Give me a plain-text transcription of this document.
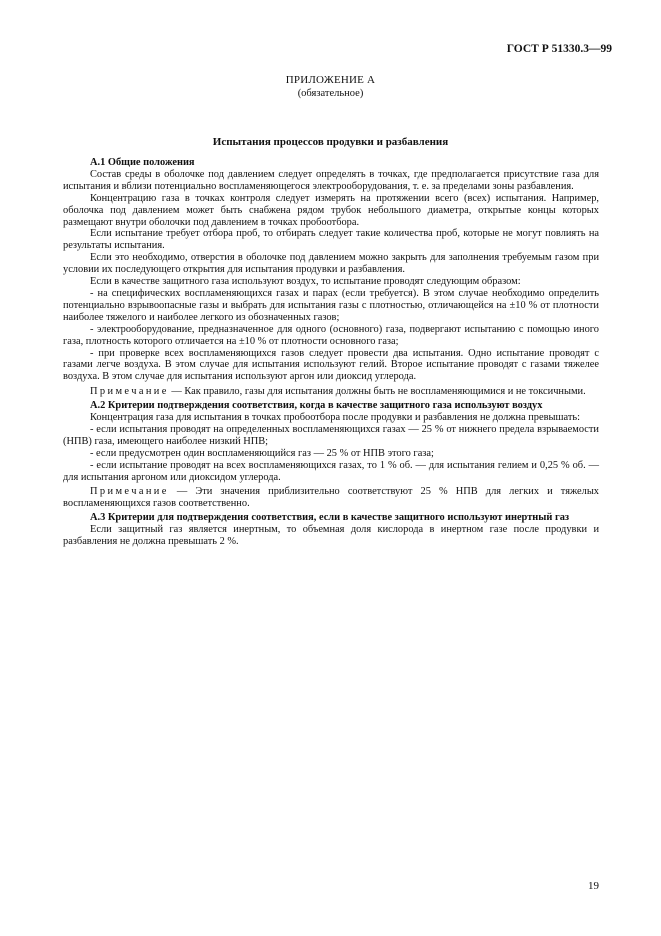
ГОСТ Р 51330.3—99
ПРИЛОЖЕНИЕ А
(обязательное)
Испытания процессов продувки и разбавления
А.1 Общие положения

Состав среды в оболочке под давлением следует определять в точках, где предполагается присутствие газа для испытания и вблизи потенциально воспламеняющегося электрооборудования, т. е. за пределами зоны разбавления.

Концентрацию газа в точках контроля следует измерять на протяжении всего (всех) испытания. Например, оболочка под давлением может быть снабжена рядом трубок небольшого диаметра, открытые концы которых размещают внутри оболочки под давлением в точках пробоотбора.

Если испытание требует отбора проб, то отбирать следует такие количества проб, которые не могут повлиять на результаты испытания.

Если это необходимо, отверстия в оболочке под давлением можно закрыть для заполнения требуемым газом при условии их последующего открытия для испытания продувки и разбавления.

Если в качестве защитного газа используют воздух, то испытание проводят следующим образом:

- на специфических воспламеняющихся газах и парах (если требуется). В этом случае необходимо определить потенциально взрывоопасные газы и выбрать для испытания газы с плотностью, отличающейся на ±10 % от плотности наиболее тяжелого и наиболее легкого из обозначенных газов;

- электрооборудование, предназначенное для одного (основного) газа, подвергают испытанию с помощью иного газа, плотность которого отличается на ±10 % от плотности основного газа;

- при проверке всех воспламеняющихся газов следует провести два испытания. Одно испытание проводят с газами легче воздуха. В этом случае для испытания используют гелий. Второе испытание проводят с газами тяжелее воздуха. В этом случае для испытания используют аргон или диоксид углерода.

Примечание — Как правило, газы для испытания должны быть не воспламеняющимися и не токсичными.

А.2 Критерии подтверждения соответствия, когда в качестве защитного газа используют воздух

Концентрация газа для испытания в точках пробоотбора после продувки и разбавления не должна превышать:

- если испытания проводят на определенных воспламеняющихся газах — 25 % от нижнего предела взрываемости (НПВ) газа, имеющего наиболее низкий НПВ;

- если предусмотрен один воспламеняющийся газ — 25 % от НПВ этого газа;

- если испытание проводят на всех воспламеняющихся газах, то 1 % об. — для испытания гелием и 0,25 % об. — для испытания аргоном или диоксидом углерода.

Примечание — Эти значения приблизительно соответствуют 25 % НПВ для легких и тяжелых воспламеняющихся газов соответственно.

А.3 Критерии для подтверждения соответствия, если в качестве защитного используют инертный газ

Если защитный газ является инертным, то объемная доля кислорода в инертном газе после продувки и разбавления не должна превышать 2 %.

19
